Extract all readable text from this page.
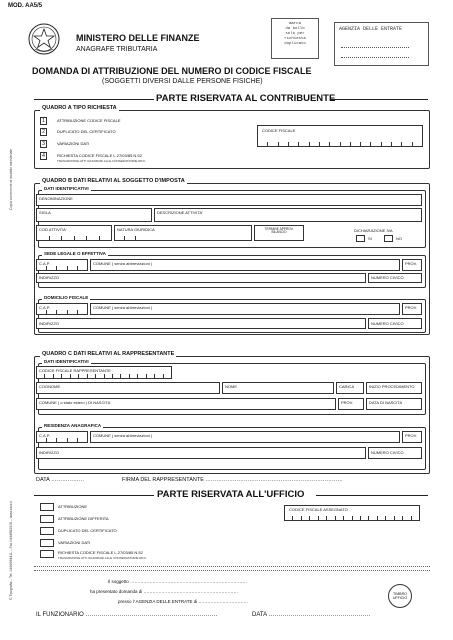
MOD. AA5/5
MINISTERO DELLE FINANZE
ANAGRAFE TRIBUTARIA
marca
da bollo
solo per
richiesta
duplicato
AGENZIA DELLE ENTRATE
DOMANDA DI ATTRIBUZIONE DEL NUMERO DI CODICE FISCALE
(SOGGETTI DIVERSI DALLE PERSONE FISICHE)
Copia contenente al modello ministeriale
© Tipografia – Tel. 0444/564411 – Fax 0444/562508 – www.xxxx.it
PARTE RISERVATA AL CONTRIBUENTE
QUADRO A TIPO RICHIESTA
1	ATTRIBUZIONE CODICE FISCALE
2	DUPLICATO DEL CERTIFICATO
3	VARIAZIONI DATI
4	RICHIESTA CODICE FISCALE L.27/03/85 N.52
TRASCRIZIONE ATTI GIUDIZIARI ALLE CONSERVATORIE RR.II.
CODICE FISCALE
QUADRO B DATI RELATIVI AL SOGGETTO D'IMPOSTA
DATI IDENTIFICATIVI
DENOMINAZIONE
SIGLA	DESCRIZIONE ATTIVITA'
COD ATTIVITA'	NATURA GIURIDICA	TERMINE APPROV. BILANCIO	DICHIARAZIONE IVA
SI	NO
SEDE LEGALE O EFFETTIVA
C.A.P.	COMUNE ( senza abbreviazioni )	PROV.
INDIRIZZO	NUMERO CIVICO
DOMICILIO FISCALE
C.A.P.	COMUNE ( senza abbreviazioni )	PROV.
INDIRIZZO	NUMERO CIVICO
QUADRO C DATI RELATIVI AL RAPPRESENTANTE
DATI IDENTIFICATIVI
CODICE FISCALE RAPPRESENTANTE
COGNOME	NOME	CARICA	INIZIO PROCEDIMENTO
COMUNE ( o stato estero ) DI NASCITA	PROV.	DATA DI NASCITA
RESIDENZA ANAGRAFICA
C.A.P.	COMUNE ( senza abbreviazioni )	PROV.
INDIRIZZO	NUMERO CIVICO
DATA ………………	FIRMA DEL RAPPRESENTANTE …………………………………………………………………
PARTE RISERVATA ALL'UFFICIO
ATTRIBUZIONE
ATTRIBUZIONE DIFFERITA
DUPLICATO DEL CERTIFICATO
VARIAZIONI DATI
RICHIESTA CODICE FISCALE L.27/03/85 N.52
TRASCRIZIONE ATTI GIUDIZIARI ALLE CONSERVATORIE RR.II.
CODICE FISCALE ASSEGNATO
Il soggetto ……………………………………………………………………
ha presentato domanda di ………………………………………………………
presso l' AGENZIA DELLE ENTRATE di ……………………………
TIMBRO UFFICIO
IL FUNZIONARIO …………………………………………………………	DATA ……………………………………………
